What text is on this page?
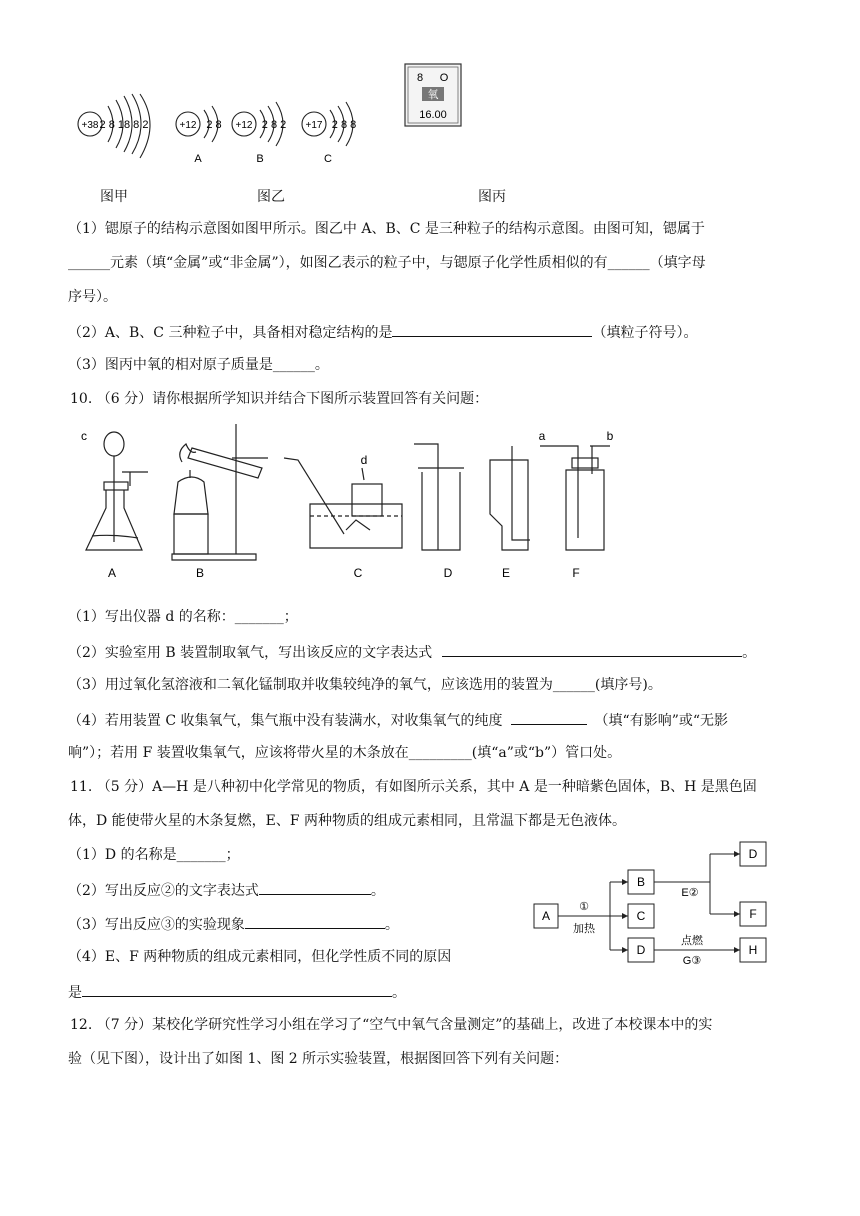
+38 2 8 18 8 2	+12 2 8 +12 2 8 2 +17 2 8 8
A	B	C
8 O
氧
16.00
图甲	图乙	图丙
（1）锶原子的结构示意图如图甲所示。图乙中 A、B、C 是三种粒子的结构示意图。由图可知，锶属于
______元素（填“金属”或“非金属”），如图乙表示的粒子中，与锶原子化学性质相似的有______（填字母
序号）。
（2）A、B、C 三种粒子中，具备相对稳定结构的是	（填粒子符号）。
（3）图丙中氧的相对原子质量是______。
10. （6 分）请你根据所学知识并结合下图所示装置回答有关问题：
A	B	C	D	E	F
c
d
a	b
（1）写出仪器 d 的名称：_______；
（2）实验室用 B 装置制取氧气，写出该反应的文字表达式	。
（3）用过氧化氢溶液和二氧化锰制取并收集较纯净的氧气，应该选用的装置为______(填序号)。
（4）若用装置 C 收集氧气，集气瓶中没有装满水，对收集氧气的纯度	（填“有影响”或“无影
响”）；若用 F 装置收集氧气，应该将带火星的木条放在_________(填“a”或“b”）管口处。
11. （5 分）A—H 是八种初中化学常见的物质，有如图所示关系，其中 A 是一种暗紫色固体，B、H 是黑色固
体，D 能使带火星的木条复燃，E、F 两种物质的组成元素相同，且常温下都是无色液体。
（1）D 的名称是_______；
（2）写出反应②的文字表达式	。
（3）写出反应③的实验现象	。
（4）E、F 两种物质的组成元素相同，但化学性质不同的原因
是	。
A
B
C
D
D
F
H
①
加热
E②
点燃
G③
12. （7 分）某校化学研究性学习小组在学习了“空气中氧气含量测定”的基础上，改进了本校课本中的实
验（见下图），设计出了如图 1、图 2 所示实验装置，根据图回答下列有关问题：
